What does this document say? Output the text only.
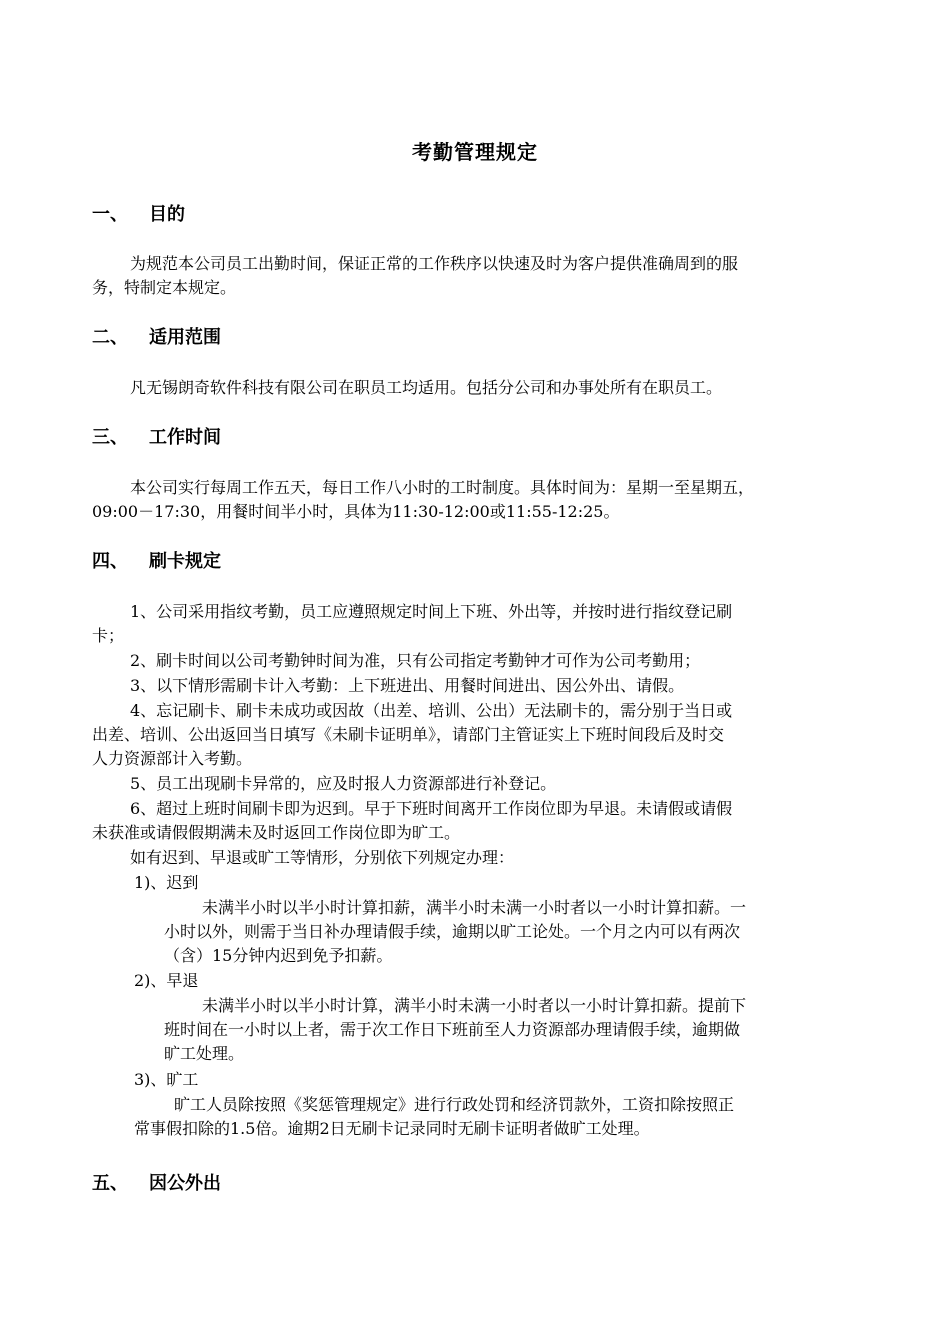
考勤管理规定
一、 目的
为规范本公司员工出勤时间，保证正常的工作秩序以快速及时为客户提供准确周到的服
务，特制定本规定。
二、 适用范围
凡无锡朗奇软件科技有限公司在职员工均适用。包括分公司和办事处所有在职员工。
三、 工作时间
本公司实行每周工作五天，每日工作八小时的工时制度。具体时间为：星期一至星期五，
09:00－17:30，用餐时间半小时，具体为11:30-12:00或11:55-12:25。
四、 刷卡规定
1、公司采用指纹考勤，员工应遵照规定时间上下班、外出等，并按时进行指纹登记刷
卡；
2、刷卡时间以公司考勤钟时间为准，只有公司指定考勤钟才可作为公司考勤用；
3、以下情形需刷卡计入考勤：上下班进出、用餐时间进出、因公外出、请假。
4、忘记刷卡、刷卡未成功或因故（出差、培训、公出）无法刷卡的，需分别于当日或
出差、培训、公出返回当日填写《未刷卡证明单》，请部门主管证实上下班时间段后及时交
人力资源部计入考勤。
5、员工出现刷卡异常的，应及时报人力资源部进行补登记。
6、超过上班时间刷卡即为迟到。早于下班时间离开工作岗位即为早退。未请假或请假
未获准或请假假期满未及时返回工作岗位即为旷工。
如有迟到、早退或旷工等情形，分别依下列规定办理：
1)、迟到
未满半小时以半小时计算扣薪，满半小时未满一小时者以一小时计算扣薪。一
小时以外，则需于当日补办理请假手续，逾期以旷工论处。一个月之内可以有两次
（含）15分钟内迟到免予扣薪。
2)、早退
未满半小时以半小时计算，满半小时未满一小时者以一小时计算扣薪。提前下
班时间在一小时以上者，需于次工作日下班前至人力资源部办理请假手续，逾期做
旷工处理。
3)、旷工
旷工人员除按照《奖惩管理规定》进行行政处罚和经济罚款外，工资扣除按照正
常事假扣除的1.5倍。逾期2日无刷卡记录同时无刷卡证明者做旷工处理。
五、 因公外出
